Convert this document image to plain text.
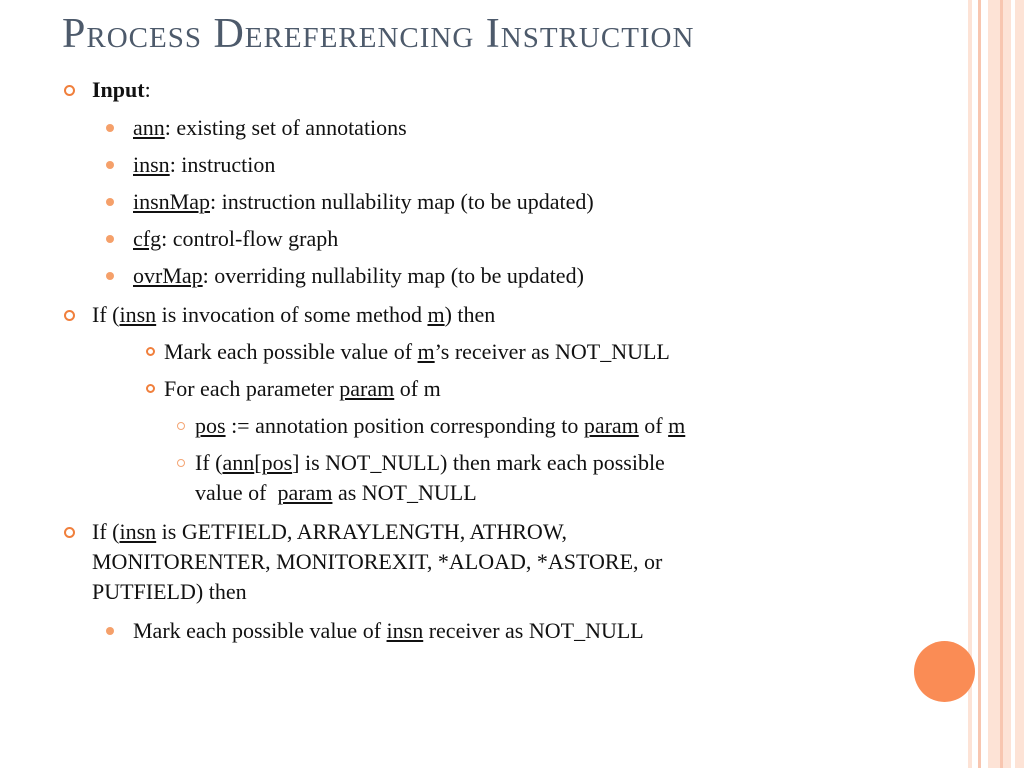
Process Dereferencing Instruction
Input:
ann: existing set of annotations
insn: instruction
insnMap: instruction nullability map (to be updated)
cfg: control-flow graph
ovrMap: overriding nullability map (to be updated)
If (insn is invocation of some method m) then
Mark each possible value of m’s receiver as NOT_NULL
For each parameter param of m
pos := annotation position corresponding to param of m
If (ann[pos] is NOT_NULL) then mark each possible
value of  param as NOT_NULL
If (insn is GETFIELD, ARRAYLENGTH, ATHROW,
MONITORENTER, MONITOREXIT, *ALOAD, *ASTORE, or
PUTFIELD) then
Mark each possible value of insn receiver as NOT_NULL
